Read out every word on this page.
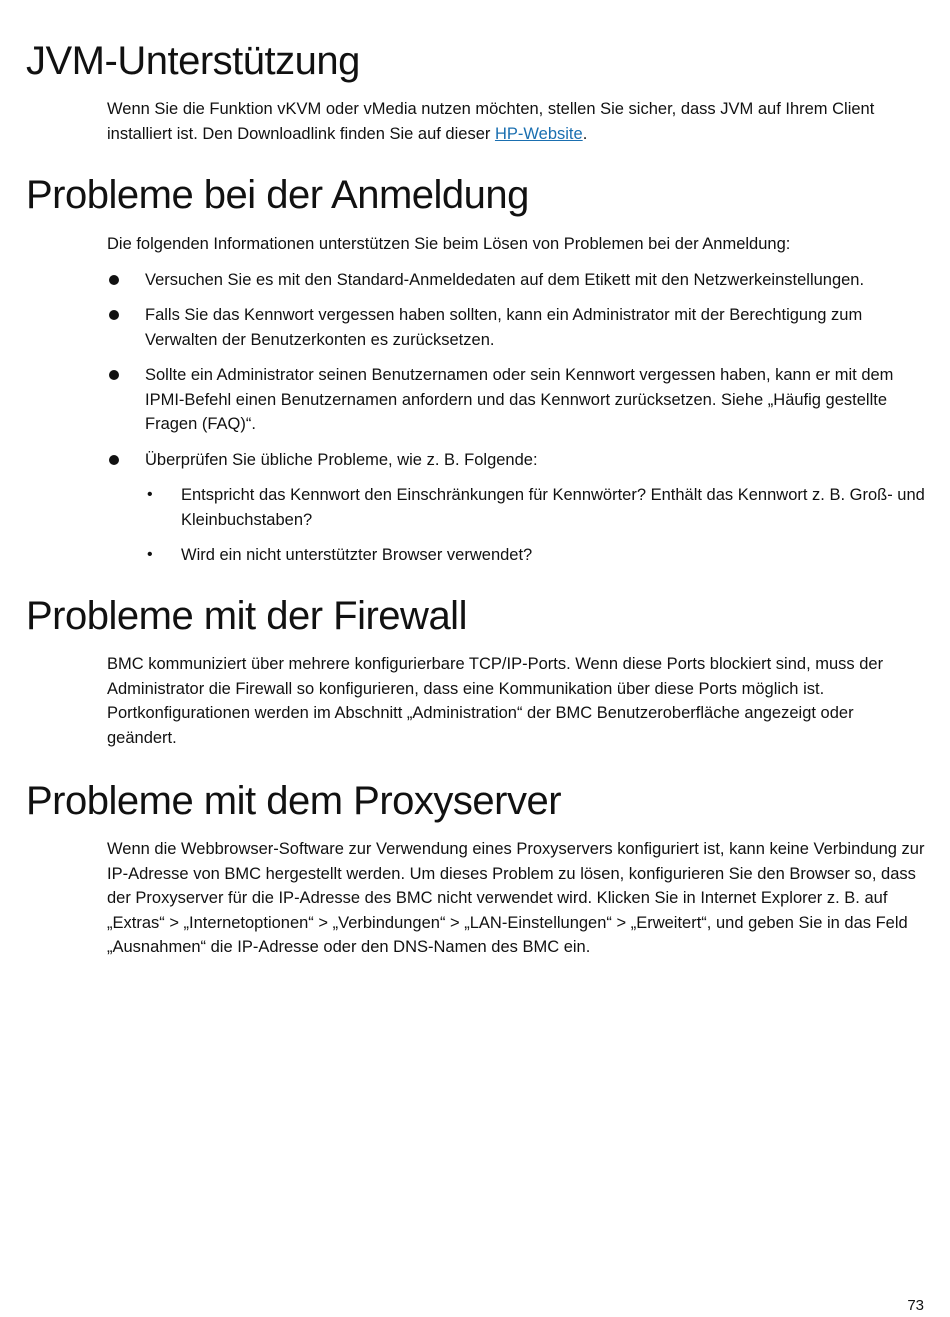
JVM-Unterstützung

Wenn Sie die Funktion vKVM oder vMedia nutzen möchten, stellen Sie sicher, dass JVM auf Ihrem Client installiert ist. Den Downloadlink finden Sie auf dieser HP-Website.

Probleme bei der Anmeldung

Die folgenden Informationen unterstützen Sie beim Lösen von Problemen bei der Anmeldung:

Versuchen Sie es mit den Standard-Anmeldedaten auf dem Etikett mit den Netzwerkeinstellungen.
Falls Sie das Kennwort vergessen haben sollten, kann ein Administrator mit der Berechtigung zum Verwalten der Benutzerkonten es zurücksetzen.
Sollte ein Administrator seinen Benutzernamen oder sein Kennwort vergessen haben, kann er mit dem IPMI-Befehl einen Benutzernamen anfordern und das Kennwort zurücksetzen. Siehe „Häufig gestellte Fragen (FAQ)“.
Überprüfen Sie übliche Probleme, wie z. B. Folgende:
• Entspricht das Kennwort den Einschränkungen für Kennwörter? Enthält das Kennwort z. B. Groß- und Kleinbuchstaben?
• Wird ein nicht unterstützter Browser verwendet?
Probleme mit der Firewall

BMC kommuniziert über mehrere konfigurierbare TCP/IP-Ports. Wenn diese Ports blockiert sind, muss der Administrator die Firewall so konfigurieren, dass eine Kommunikation über diese Ports möglich ist. Portkonfigurationen werden im Abschnitt „Administration“ der BMC Benutzeroberfläche angezeigt oder geändert.

Probleme mit dem Proxyserver

Wenn die Webbrowser-Software zur Verwendung eines Proxyservers konfiguriert ist, kann keine Verbindung zur IP-Adresse von BMC hergestellt werden. Um dieses Problem zu lösen, konfigurieren Sie den Browser so, dass der Proxyserver für die IP-Adresse des BMC nicht verwendet wird. Klicken Sie in Internet Explorer z. B. auf „Extras“ > „Internetoptionen“ > „Verbindungen“ > „LAN-Einstellungen“ > „Erweitert“, und geben Sie in das Feld „Ausnahmen“ die IP-Adresse oder den DNS-Namen des BMC ein.

73
